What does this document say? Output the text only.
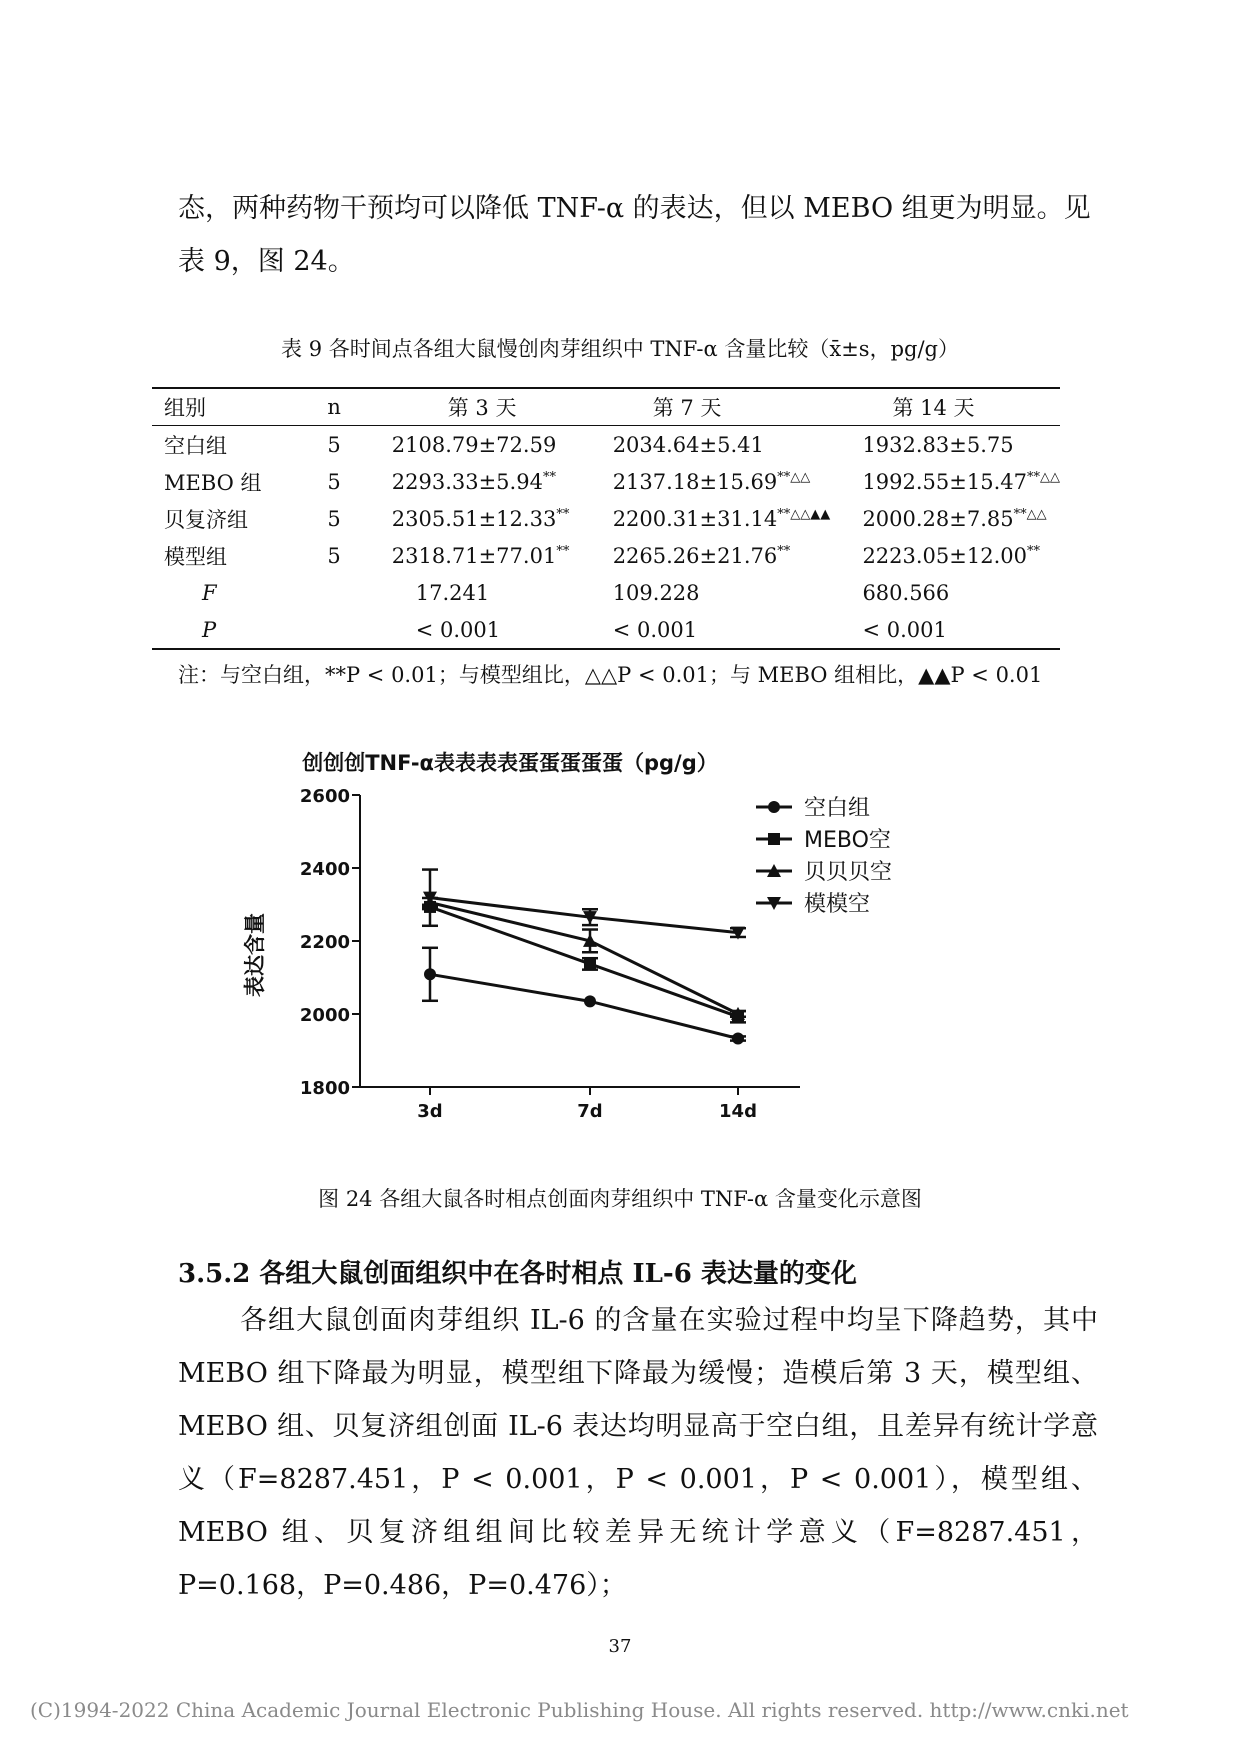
态，两种药物干预均可以降低 TNF-α 的表达，但以 MEBO 组更为明显。见表 9，图 24。
表 9 各时间点各组大鼠慢创肉芽组织中 TNF-α 含量比较（x̄±s，pg/g）
组别	n	第 3 天	第 7 天	第 14 天
空白组	5	2108.79±72.59	2034.64±5.41	1932.83±5.75
MEBO 组	5	2293.33±5.94**	2137.18±15.69**△△	1992.55±15.47**△△
贝复济组	5	2305.51±12.33**	2200.31±31.14**△△▲▲	2000.28±7.85**△△
模型组	5	2318.71±77.01**	2265.26±21.76**	2223.05±12.00**
F		17.241	109.228	680.566
P		< 0.001	< 0.001	< 0.001
注：与空白组，**P < 0.01；与模型组比，△△P < 0.01；与 MEBO 组相比，▲▲P < 0.01
创创创TNF-α表表表表蛋蛋蛋蛋蛋（pg/g）
表达含量
1800
2000
2200
2400
2600
3d	7d	14d
空白组
MEBO空
贝贝贝空
模模空
图 24 各组大鼠各时相点创面肉芽组织中 TNF-α 含量变化示意图
3.5.2 各组大鼠创面组织中在各时相点 IL-6 表达量的变化
各组大鼠创面肉芽组织 IL-6 的含量在实验过程中均呈下降趋势，其中 MEBO 组下降最为明显，模型组下降最为缓慢；造模后第 3 天，模型组、MEBO 组、贝复济组创面 IL-6 表达均明显高于空白组，且差异有统计学意义（F=8287.451，P < 0.001，P < 0.001，P < 0.001），模型组、MEBO 组、贝复济组组间比较差异无统计学意义（F=8287.451，P=0.168，P=0.486，P=0.476）；
37
(C)1994-2022 China Academic Journal Electronic Publishing House. All rights reserved. http://www.cnki.net
